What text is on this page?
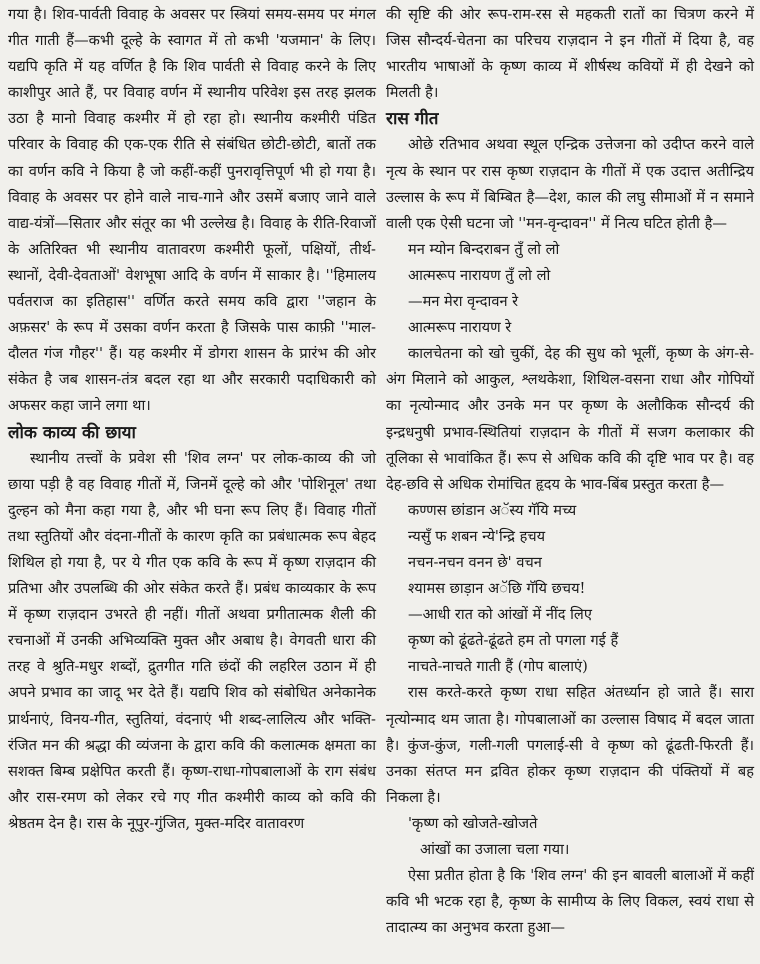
गया है। शिव-पार्वती विवाह के अवसर पर स्त्रियां समय-समय पर मंगल गीत गाती हैं—कभी दूल्हे के स्वागत में तो कभी 'यजमान' के लिए। यद्यपि कृति में यह वर्णित है कि शिव पार्वती से विवाह करने के लिए काशीपुर आते हैं, पर विवाह वर्णन में स्थानीय परिवेश इस तरह झलक उठा है मानो विवाह कश्मीर में हो रहा हो। स्थानीय कश्मीरी पंडित परिवार के विवाह की एक-एक रीति से संबंधित छोटी-छोटी, बातों तक का वर्णन कवि ने किया है जो कहीं-कहीं पुनरावृत्तिपूर्ण भी हो गया है। विवाह के अवसर पर होने वाले नाच-गाने और उसमें बजाए जाने वाले वाद्य-यंत्रों—सितार और संतूर का भी उल्लेख है। विवाह के रीति-रिवाजों के अतिरिक्त भी स्थानीय वातावरण कश्मीरी फूलों, पक्षियों, तीर्थ-स्थानों, देवी-देवताओं' वेशभूषा आदि के वर्णन में साकार है। ''हिमालय पर्वतराज का इतिहास'' वर्णित करते समय कवि द्वारा ''जहान के अफ़सर' के रूप में उसका वर्णन करता है जिसके पास काफ़ी ''माल-दौलत गंज गौहर'' हैं। यह कश्मीर में डोगरा शासन के प्रारंभ की ओर संकेत है जब शासन-तंत्र बदल रहा था और सरकारी पदाधिकारी को अफसर कहा जाने लगा था।

लोक काव्य की छाया

स्थानीय तत्त्वों के प्रवेश सी 'शिव लग्न' पर लोक-काव्य की जो छाया पड़ी है वह विवाह गीतों में, जिनमें दूल्हे को और 'पोशिनूल' तथा दुल्हन को मैना कहा गया है, और भी घना रूप लिए हैं। विवाह गीतों तथा स्तुतियों और वंदना-गीतों के कारण कृति का प्रबंधात्मक रूप बेहद शिथिल हो गया है, पर ये गीत एक कवि के रूप में कृष्ण राज़दान की प्रतिभा और उपलब्धि की ओर संकेत करते हैं। प्रबंध काव्यकार के रूप में कृष्ण राज़दान उभरते ही नहीं। गीतों अथवा प्रगीतात्मक शैली की रचनाओं में उनकी अभिव्यक्ति मुक्त और अबाध है। वेगवती धारा की तरह वे श्रुति-मधुर शब्दों, द्रुतगीत गति छंदों की लहरिल उठान में ही अपने प्रभाव का जादू भर देते हैं। यद्यपि शिव को संबोधित अनेकानेक प्रार्थनाएं, विनय-गीत, स्तुतियां, वंदनाएं भी शब्द-लालित्य और भक्ति-रंजित मन की श्रद्धा की व्यंजना के द्वारा कवि की कलात्मक क्षमता का सशक्त बिम्ब प्रक्षेपित करती हैं। कृष्ण-राधा-गोपबालाओं के राग संबंध और रास-रमण को लेकर रचे गए गीत कश्मीरी काव्य को कवि की श्रेष्ठतम देन है। रास के नूपुर-गुंजित, मुक्त-मदिर वातावरण

की सृष्टि की ओर रूप-राम-रस से महकती रातों का चित्रण करने में जिस सौन्दर्य-चेतना का परिचय राज़दान ने इन गीतों में दिया है, वह भारतीय भाषाओं के कृष्ण काव्य में शीर्षस्थ कवियों में ही देखने को मिलती है।

रास गीत

ओछे रतिभाव अथवा स्थूल एन्द्रिक उत्तेजना को उदीप्त करने वाले नृत्य के स्थान पर रास कृष्ण राज़दान के गीतों में एक उदात्त अतीन्द्रिय उल्लास के रूप में बिम्बित है—देश, काल की लघु सीमाओं में न समाने वाली एक ऐसी घटना जो ''मन-वृन्दावन'' में नित्य घटित होती है—

मन म्योन बिन्दराबन तुँ लो लो

आत्मरूप नारायण तुँ लो लो

—मन मेरा वृन्दावन रे

आत्मरूप नारायण रे

कालचेतना को खो चुकीं, देह की सुध को भूलीं, कृष्ण के अंग-से-अंग मिलाने को आकुल, श्लथकेशा, शिथिल-वसना राधा और गोपियों का नृत्योन्माद और उनके मन पर कृष्ण के अलौकिक सौन्दर्य की इन्द्रधनुषी प्रभाव-स्थितियां राज़दान के गीतों में सजग कलाकार की तूलिका से भावांकित हैं। रूप से अधिक कवि की दृष्टि भाव पर है। वह देह-छवि से अधिक रोमांचित हृदय के भाव-बिंब प्रस्तुत करता है—

कण्णस छांडान अॅस्य गॅयि मच्य

न्यसुँ फ शबन न्ये'न्द्रि हचय

नचन-नचन वनन छे' वचन

श्यामस छाड़ान अॅछि गॅयि छचय!

—आधी रात को आंखों में नींद लिए

कृष्ण को ढूंढते-ढूंढते हम तो पगला गई हैं

नाचते-नाचते गाती हैं (गोप बालाएं)

रास करते-करते कृष्ण राधा सहित अंतर्ध्यान हो जाते हैं। सारा नृत्योन्माद थम जाता है। गोपबालाओं का उल्लास विषाद में बदल जाता है। कुंज-कुंज, गली-गली पगलाई-सी वे कृष्ण को ढूंढती-फिरती हैं। उनका संतप्त मन द्रवित होकर कृष्ण राज़दान की पंक्तियों में बह निकला है।

'कृष्ण को खोजते-खोजते

आंखों का उजाला चला गया।

ऐसा प्रतीत होता है कि 'शिव लग्न' की इन बावली बालाओं में कहीं कवि भी भटक रहा है, कृष्ण के सामीप्य के लिए विकल, स्वयं राधा से तादात्म्य का अनुभव करता हुआ—
